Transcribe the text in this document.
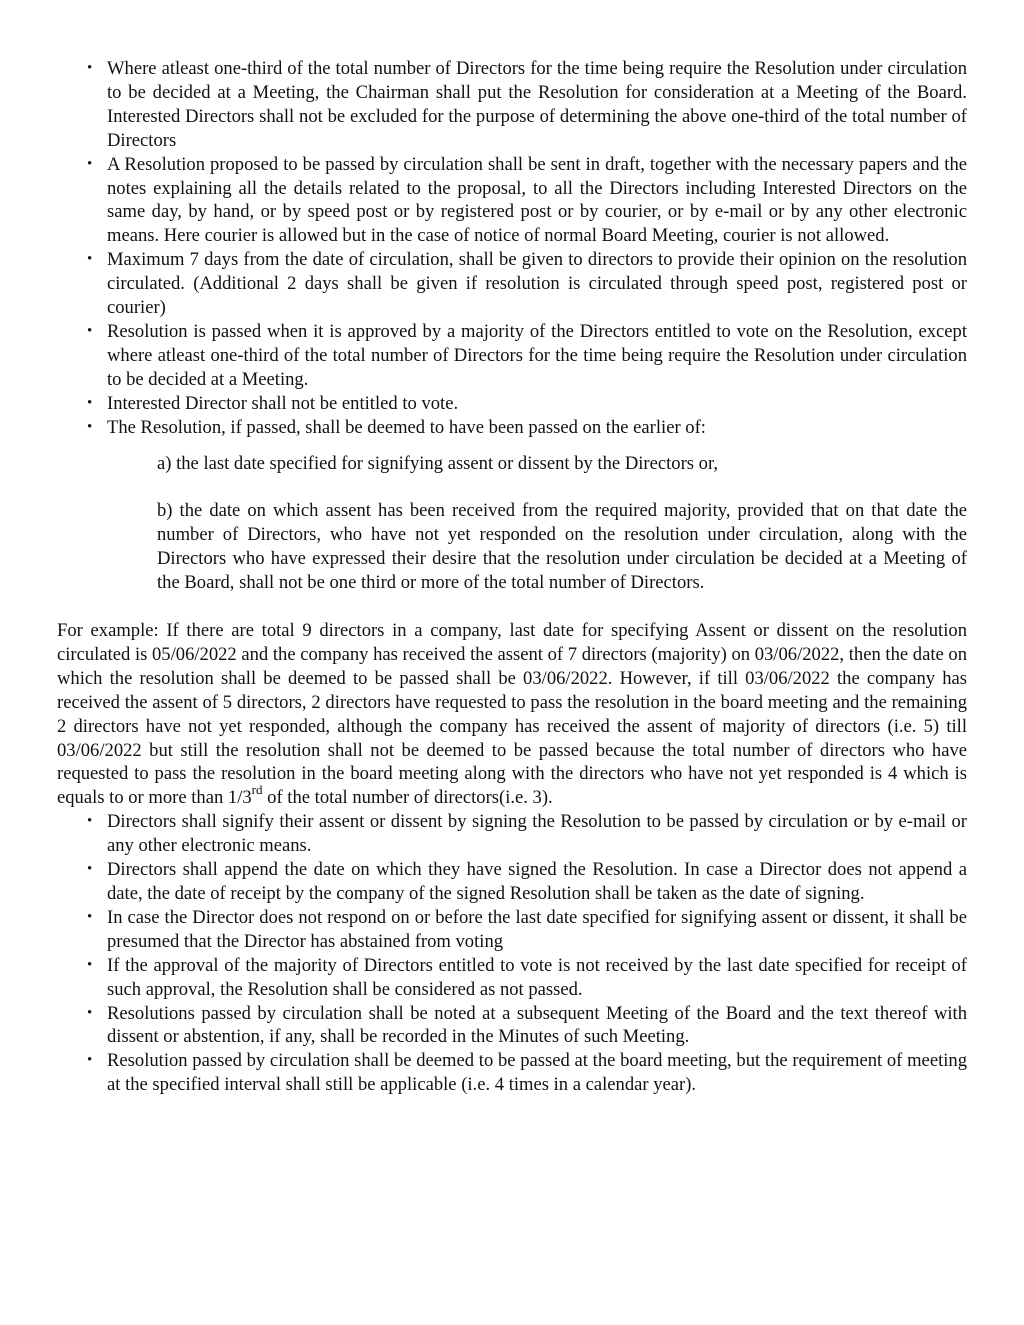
• Where atleast one-third of the total number of Directors for the time being require the Resolution under circulation to be decided at a Meeting, the Chairman shall put the Resolution for consideration at a Meeting of the Board. Interested Directors shall not be excluded for the purpose of determining the above one-third of the total number of Directors
• A Resolution proposed to be passed by circulation shall be sent in draft, together with the necessary papers and the notes explaining all the details related to the proposal, to all the Directors including Interested Directors on the same day, by hand, or by speed post or by registered post or by courier, or by e-mail or by any other electronic means. Here courier is allowed but in the case of notice of normal Board Meeting, courier is not allowed.
• Maximum 7 days from the date of circulation, shall be given to directors to provide their opinion on the resolution circulated. (Additional 2 days shall be given if resolution is circulated through speed post, registered post or courier)
• Resolution is passed when it is approved by a majority of the Directors entitled to vote on the Resolution, except where atleast one-third of the total number of Directors for the time being require the Resolution under circulation to be decided at a Meeting.
• Interested Director shall not be entitled to vote.
• The Resolution, if passed, shall be deemed to have been passed on the earlier of:

a) the last date specified for signifying assent or dissent by the Directors or,

b) the date on which assent has been received from the required majority, provided that on that date the number of Directors, who have not yet responded on the resolution under circulation, along with the Directors who have expressed their desire that the resolution under circulation be decided at a Meeting of the Board, shall not be one third or more of the total number of Directors.

For example: If there are total 9 directors in a company, last date for specifying Assent or dissent on the resolution circulated is 05/06/2022 and the company has received the assent of 7 directors (majority) on 03/06/2022, then the date on which the resolution shall be deemed to be passed shall be 03/06/2022. However, if till 03/06/2022 the company has received the assent of 5 directors, 2 directors have requested to pass the resolution in the board meeting and the remaining 2 directors have not yet responded, although the company has received the assent of majority of directors (i.e. 5) till 03/06/2022 but still the resolution shall not be deemed to be passed because the total number of directors who have requested to pass the resolution in the board meeting along with the directors who have not yet responded is 4 which is equals to or more than 1/3rd of the total number of directors(i.e. 3).

• Directors shall signify their assent or dissent by signing the Resolution to be passed by circulation or by e-mail or any other electronic means.
• Directors shall append the date on which they have signed the Resolution. In case a Director does not append a date, the date of receipt by the company of the signed Resolution shall be taken as the date of signing.
• In case the Director does not respond on or before the last date specified for signifying assent or dissent, it shall be presumed that the Director has abstained from voting
• If the approval of the majority of Directors entitled to vote is not received by the last date specified for receipt of such approval, the Resolution shall be considered as not passed.
• Resolutions passed by circulation shall be noted at a subsequent Meeting of the Board and the text thereof with dissent or abstention, if any, shall be recorded in the Minutes of such Meeting.
• Resolution passed by circulation shall be deemed to be passed at the board meeting, but the requirement of meeting at the specified interval shall still be applicable (i.e. 4 times in a calendar year).
